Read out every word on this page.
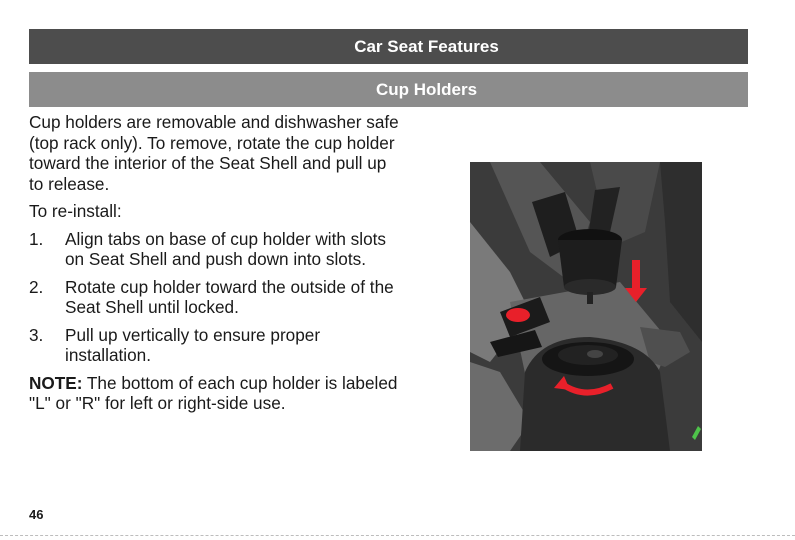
Car Seat Features
Cup Holders

Cup holders are removable and dishwasher safe (top rack only). To remove, rotate the cup holder toward the interior of the Seat Shell and pull up to release.

To re-install:

1. Align tabs on base of cup holder with slots on Seat Shell and push down into slots.
2. Rotate cup holder toward the outside of the Seat Shell until locked.
3. Pull up vertically to ensure proper installation.

NOTE: The bottom of each cup holder is labeled "L" or "R" for left or right-side use.

46
